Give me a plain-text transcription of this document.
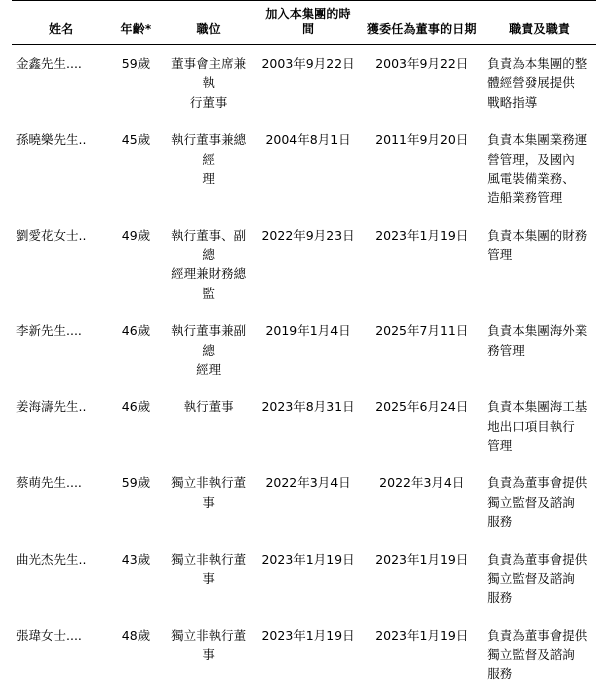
姓名	年齡*	職位	加入本集團的時間	獲委任為董事的日期	職責及職責
金鑫先生....	59歲	董事會主席兼執
行董事	2003年9月22日	2003年9月22日	負責為本集團的整
體經營發展提供
戰略指導

孫曉樂先生..	45歲	執行董事兼總經
理	2004年8月1日	2011年9月20日	負責本集團業務運
營管理，及國內
風電裝備業務、
造船業務管理

劉愛花女士..	49歲	執行董事、副總
經理兼財務總
監	2022年9月23日	2023年1月19日	負責本集團的財務
管理

李新先生....	46歲	執行董事兼副總
經理	2019年1月4日	2025年7月11日	負責本集團海外業
務管理

姜海濤先生..	46歲	執行董事	2023年8月31日	2025年6月24日	負責本集團海工基
地出口項目執行
管理

蔡萌先生....	59歲	獨立非執行董事	2022年3月4日	2022年3月4日	負責為董事會提供
獨立監督及諮詢
服務

曲光杰先生..	43歲	獨立非執行董事	2023年1月19日	2023年1月19日	負責為董事會提供
獨立監督及諮詢
服務

張瑋女士....	48歲	獨立非執行董事	2023年1月19日	2023年1月19日	負責為董事會提供
獨立監督及諮詢
服務
